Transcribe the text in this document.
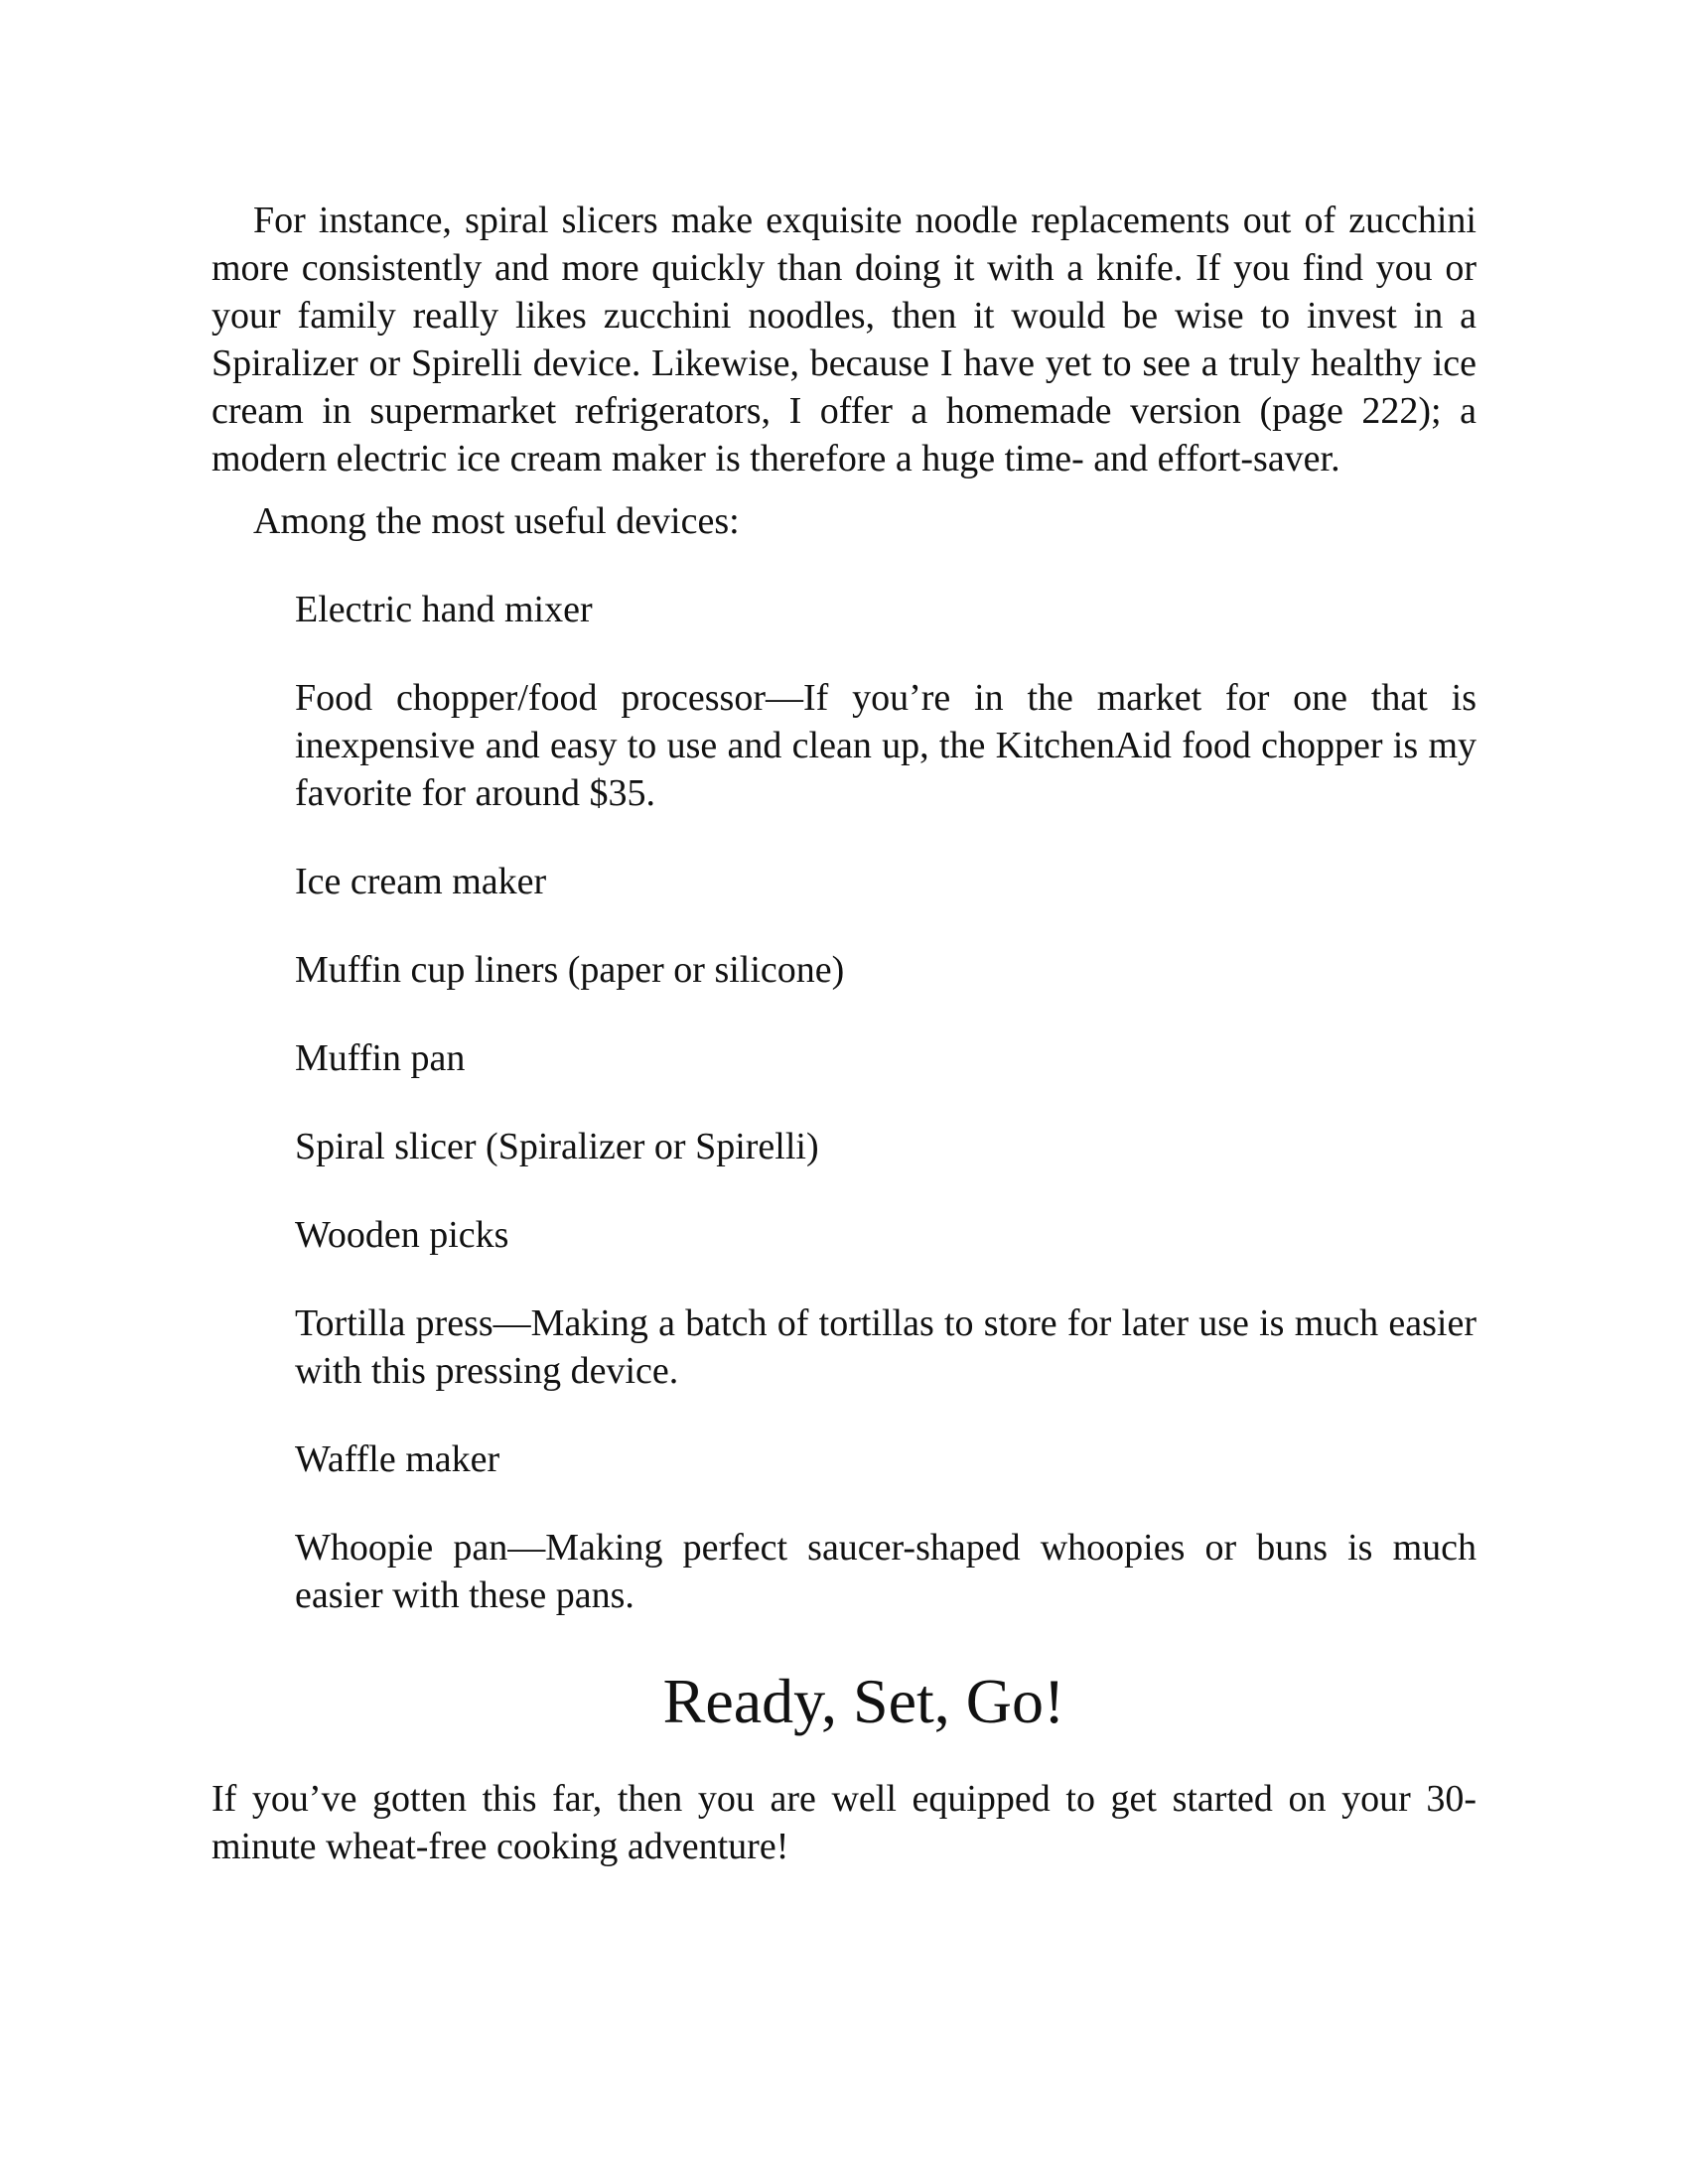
For instance, spiral slicers make exquisite noodle replacements out of zucchini more consistently and more quickly than doing it with a knife. If you find you or your family really likes zucchini noodles, then it would be wise to invest in a Spiralizer or Spirelli device. Likewise, because I have yet to see a truly healthy ice cream in supermarket refrigerators, I offer a homemade version (page 222); a modern electric ice cream maker is therefore a huge time- and effort-saver.

Among the most useful devices:

Electric hand mixer
Food chopper/food processor—If you’re in the market for one that is inexpensive and easy to use and clean up, the KitchenAid food chopper is my favorite for around $35.
Ice cream maker
Muffin cup liners (paper or silicone)
Muffin pan
Spiral slicer (Spiralizer or Spirelli)
Wooden picks
Tortilla press—Making a batch of tortillas to store for later use is much easier with this pressing device.
Waffle maker
Whoopie pan—Making perfect saucer-shaped whoopies or buns is much easier with these pans.
Ready, Set, Go!

If you’ve gotten this far, then you are well equipped to get started on your 30-minute wheat-free cooking adventure!
